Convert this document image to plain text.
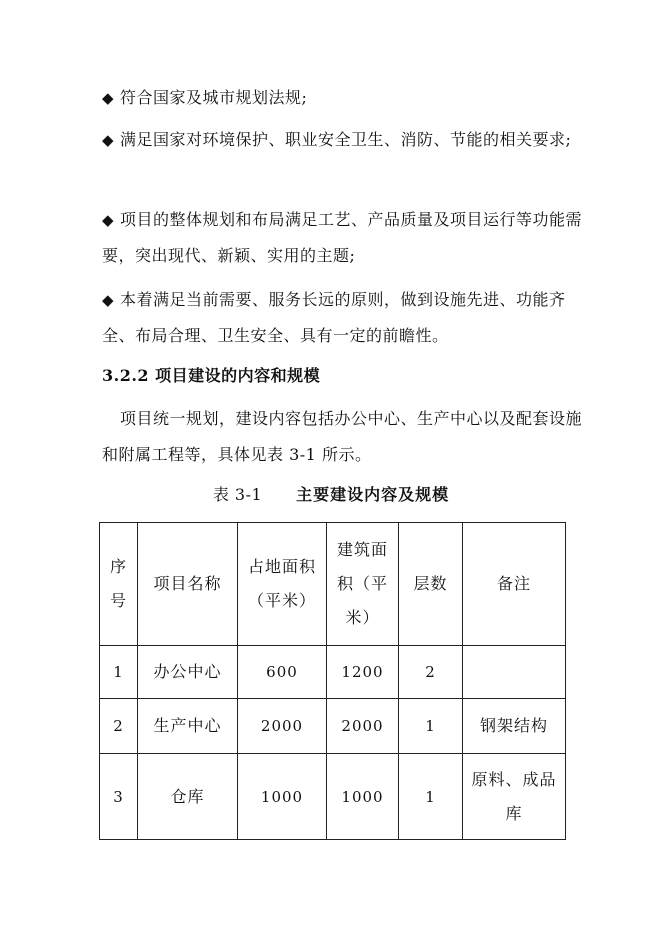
◆ 符合国家及城市规划法规;
◆ 满足国家对环境保护、职业安全卫生、消防、节能的相关要求;
◆ 项目的整体规划和布局满足工艺、产品质量及项目运行等功能需要，突出现代、新颖、实用的主题;
◆ 本着满足当前需要、服务长远的原则，做到设施先进、功能齐全、布局合理、卫生安全、具有一定的前瞻性。
3.2.2 项目建设的内容和规模
项目统一规划，建设内容包括办公中心、生产中心以及配套设施和附属工程等，具体见表 3-1 所示。
表 3-1 主要建设内容及规模
序号	项目名称	占地面积（平米）	建筑面积（平米）	层数	备注
1	办公中心	600	1200	2	
2	生产中心	2000	2000	1	钢架结构
3	仓库	1000	1000	1	原料、成品库
